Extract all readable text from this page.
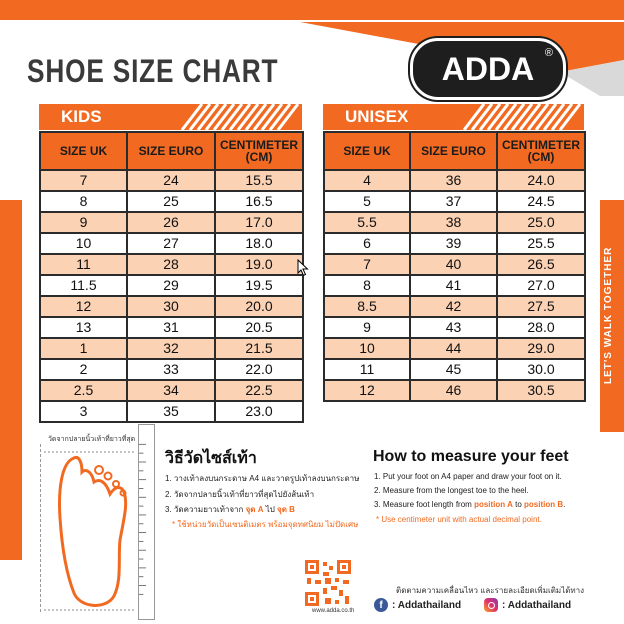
SHOE SIZE CHART	ADDA ®
LET'S WALK TOGETHER
KIDS
SIZE UK	SIZE EURO	CENTIMETER
(CM)
7	24	15.5
8	25	16.5
9	26	17.0
10	27	18.0
11	28	19.0
11.5	29	19.5
12	30	20.0
13	31	20.5
1	32	21.5
2	33	22.0
2.5	34	22.5
3	35	23.0
UNISEX
SIZE UK	SIZE EURO	CENTIMETER
(CM)
4	36	24.0
5	37	24.5
5.5	38	25.0
6	39	25.5
7	40	26.5
8	41	27.0
8.5	42	27.5
9	43	28.0
10	44	29.0
11	45	30.0
12	46	30.5
วัดจากปลายนิ้วเท้าที่ยาวที่สุด
วิธีวัดไซส์เท้า
1. วางเท้าลงบนกระดาษ A4 และวาดรูปเท้าลงบนกระดาษ
2. วัดจากปลายนิ้วเท้าที่ยาวที่สุดไปยังส้นเท้า
3. วัดความยาวเท้าจาก จุด A ไป จุด B
* ใช้หน่วยวัดเป็นเซนติเมตร พร้อมจุดทศนิยม ไม่ปัดเศษ
How to measure your feet
1. Put your foot on A4 paper and draw your foot on it.
2. Measure from the longest toe to the heel.
3. Measure foot length from position A to position B.
* Use centimeter unit with actual decimal point.
www.adda.co.th
ติดตามความเคลื่อนไหว และรายละเอียดเพิ่มเติมได้ทาง
f : Addathailand	: Addathailand
